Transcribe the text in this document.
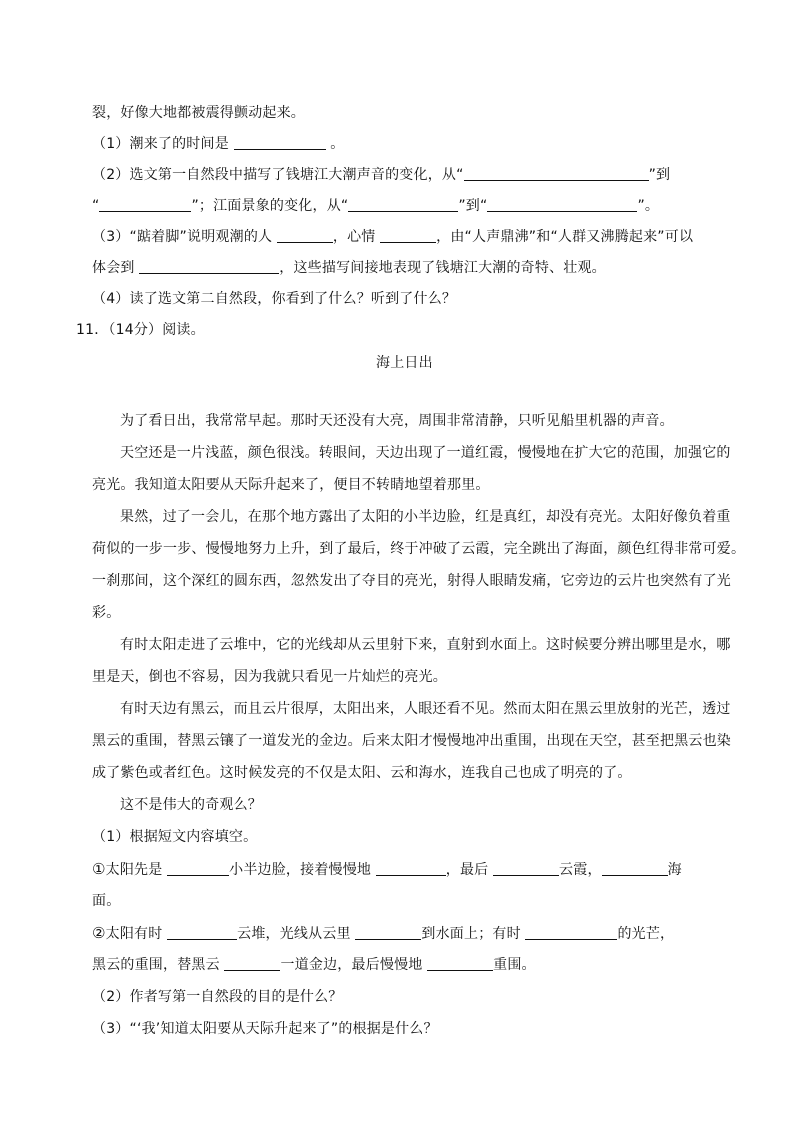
裂，好像大地都被震得颤动起来。
（1）潮来了的时间是	。
（2）选文第一自然段中描写了钱塘江大潮声音的变化，从“	”到
“	”；江面景象的变化，从“	”到“	”。
（3）“踮着脚”说明观潮的人	，心情	，由“人声鼎沸”和“人群又沸腾起来”可以
体会到	，这些描写间接地表现了钱塘江大潮的奇特、壮观。
（4）读了选文第二自然段，你看到了什么？听到了什么？
11．（14分）阅读。
海上日出
为了看日出，我常常早起。那时天还没有大亮，周围非常清静，只听见船里机器的声音。
天空还是一片浅蓝，颜色很浅。转眼间，天边出现了一道红霞，慢慢地在扩大它的范围，加强它的
亮光。我知道太阳要从天际升起来了，便目不转睛地望着那里。
果然，过了一会儿，在那个地方露出了太阳的小半边脸，红是真红，却没有亮光。太阳好像负着重
荷似的一步一步、慢慢地努力上升，到了最后，终于冲破了云霞，完全跳出了海面，颜色红得非常可爱。
一刹那间，这个深红的圆东西，忽然发出了夺目的亮光，射得人眼睛发痛，它旁边的云片也突然有了光
彩。
有时太阳走进了云堆中，它的光线却从云里射下来，直射到水面上。这时候要分辨出哪里是水，哪
里是天，倒也不容易，因为我就只看见一片灿烂的亮光。
有时天边有黑云，而且云片很厚，太阳出来，人眼还看不见。然而太阳在黑云里放射的光芒，透过
黑云的重围，替黑云镶了一道发光的金边。后来太阳才慢慢地冲出重围，出现在天空，甚至把黑云也染
成了紫色或者红色。这时候发亮的不仅是太阳、云和海水，连我自己也成了明亮的了。
这不是伟大的奇观么？
（1）根据短文内容填空。
①太阳先是	小半边脸，接着慢慢地	，最后	云霞，	海
面。
②太阳有时	云堆，光线从云里	到水面上；有时	的光芒，
黑云的重围，替黑云	一道金边，最后慢慢地	重围。
（2）作者写第一自然段的目的是什么？
（3）“‘我’知道太阳要从天际升起来了”的根据是什么？
